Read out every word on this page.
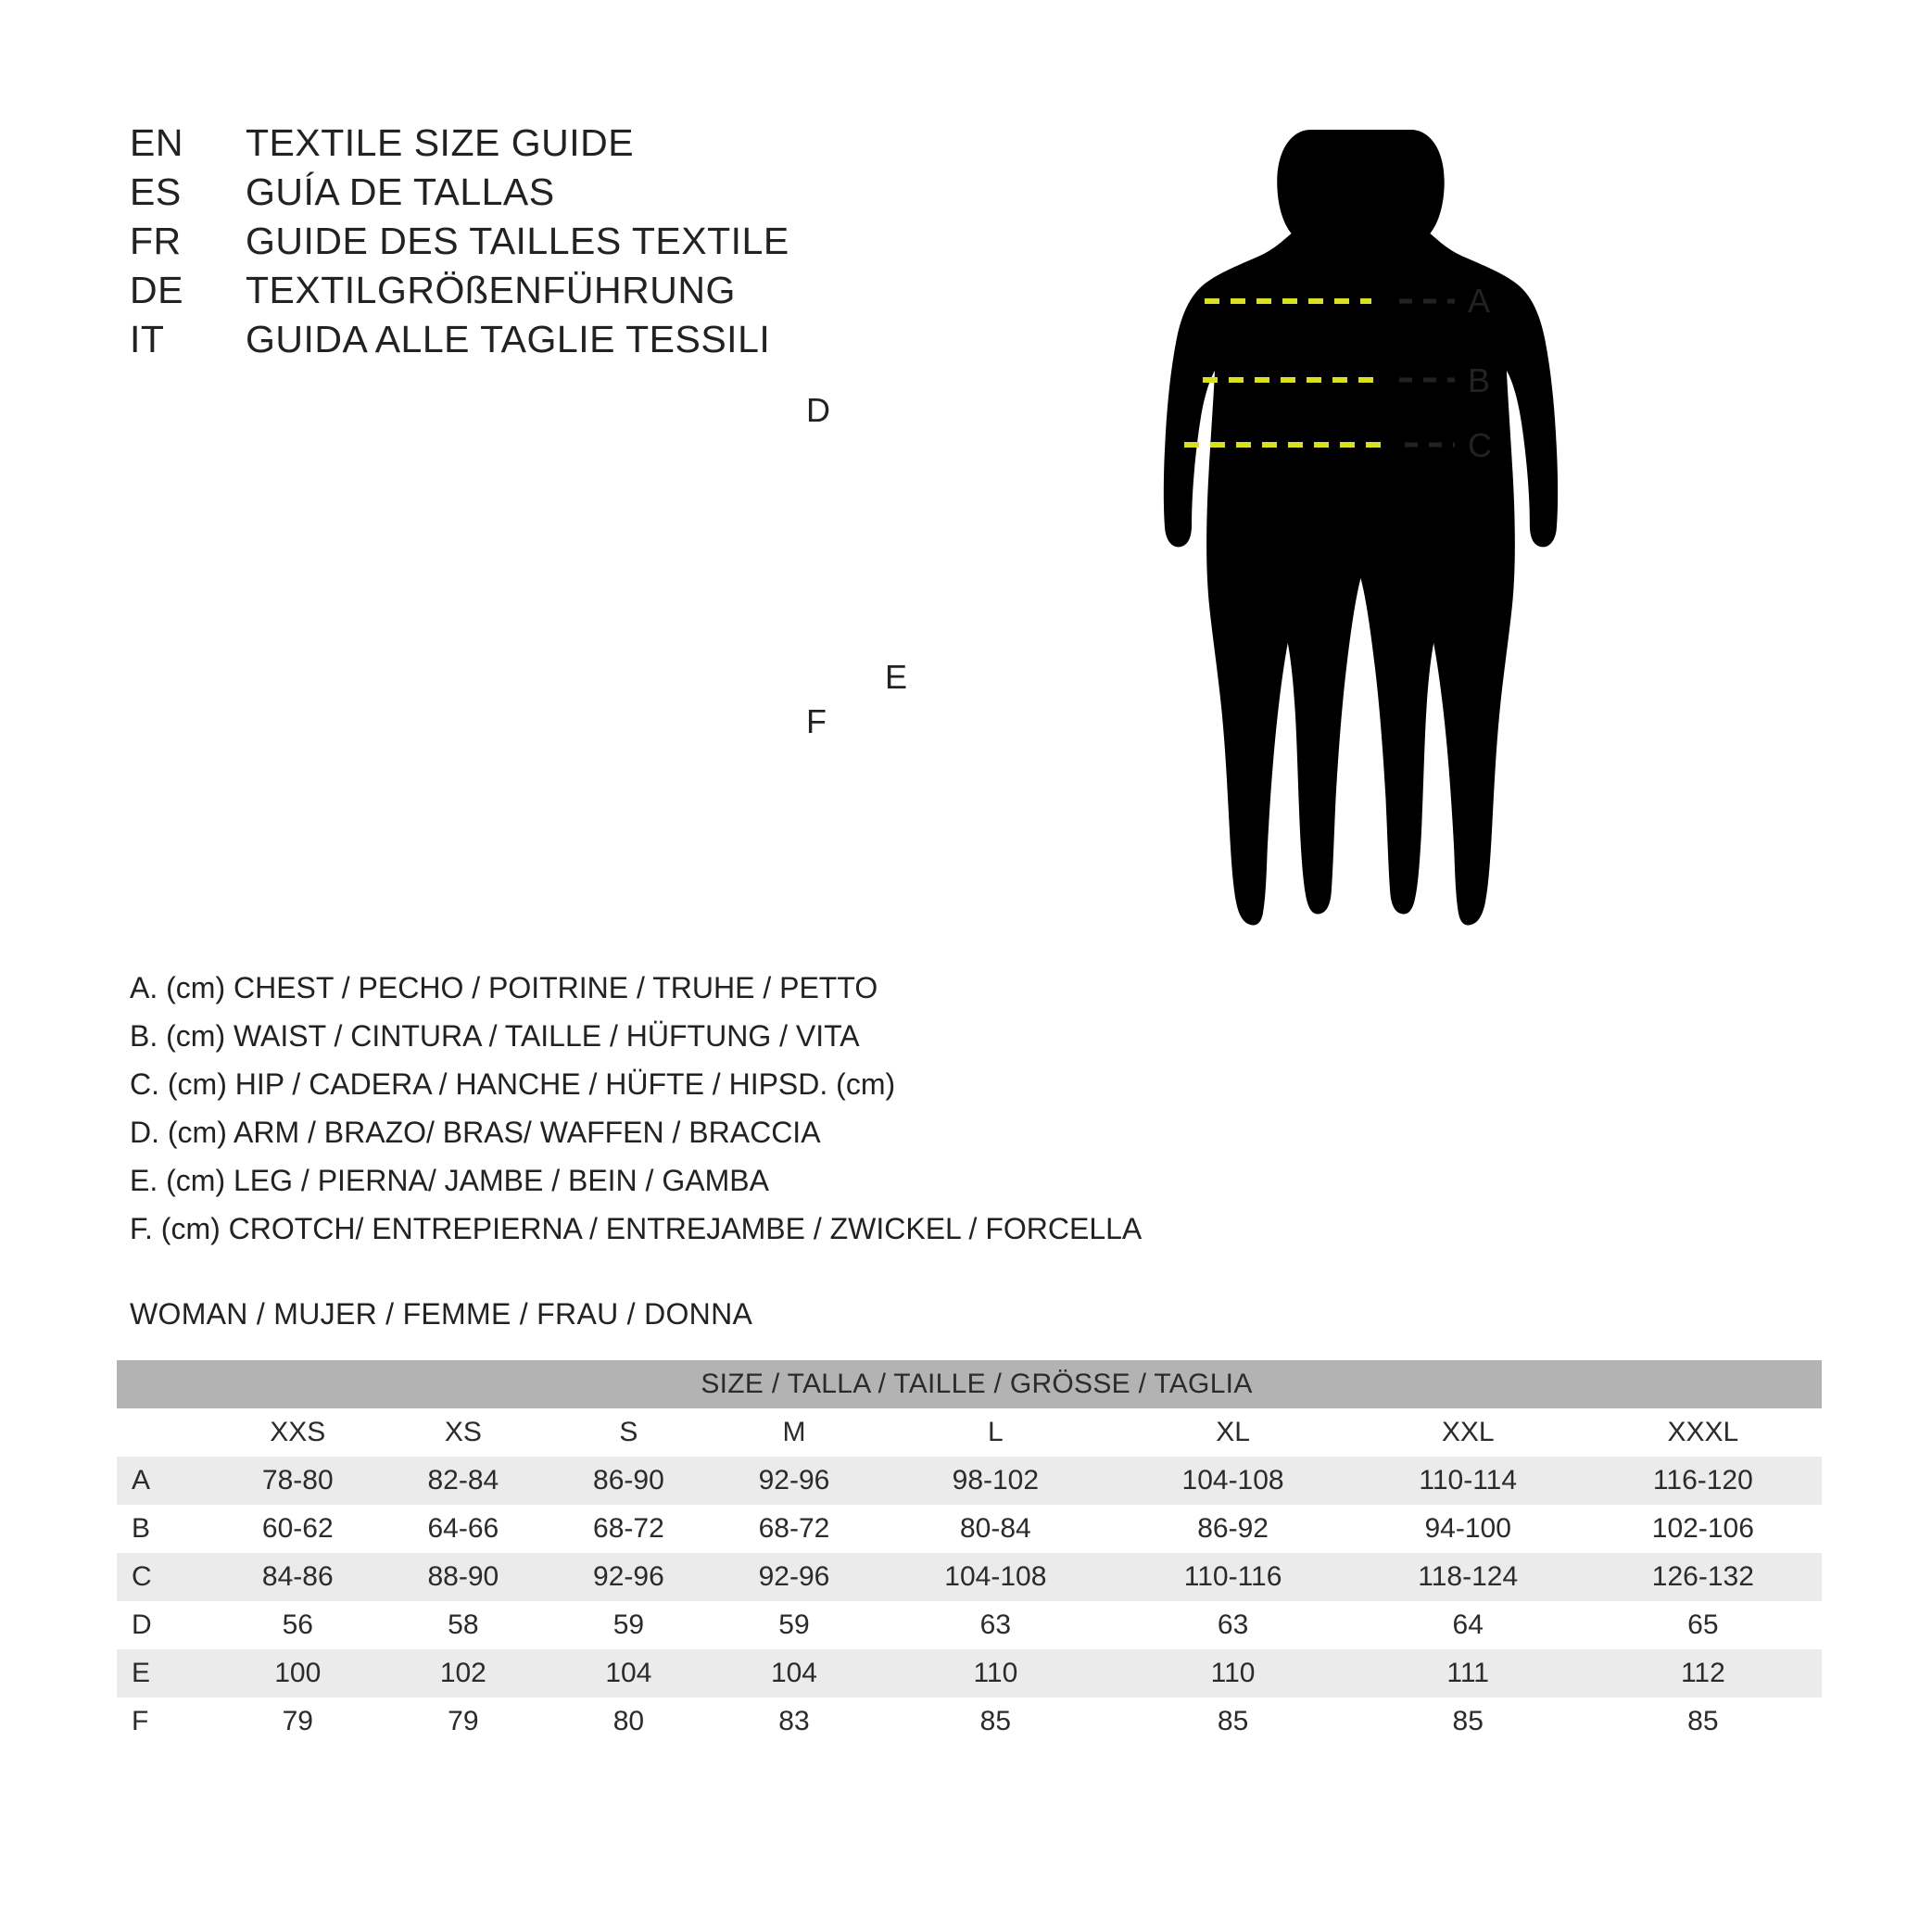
EN	TEXTILE SIZE GUIDE
ES	GUÍA DE TALLAS
FR	GUIDE DES TAILLES TEXTILE
DE	TEXTILGRÖßENFÜHRUNG
IT	GUIDA ALLE TAGLIE TESSILI
D
E
F
A
B
C
A. (cm) CHEST / PECHO / POITRINE / TRUHE / PETTO
B. (cm) WAIST / CINTURA / TAILLE / HÜFTUNG / VITA
C. (cm) HIP / CADERA / HANCHE / HÜFTE / HIPSD. (cm)
D. (cm) ARM / BRAZO/ BRAS/ WAFFEN / BRACCIA
E. (cm) LEG / PIERNA/ JAMBE / BEIN / GAMBA
F. (cm) CROTCH/ ENTREPIERNA / ENTREJAMBE / ZWICKEL / FORCELLA
WOMAN / MUJER / FEMME / FRAU / DONNA
SIZE / TALLA / TAILLE / GRÖSSE / TAGLIA								
	XXS	XS	S	M	L	XL	XXL	XXXL
A	78-80	82-84	86-90	92-96	98-102	104-108	110-114	116-120
B	60-62	64-66	68-72	68-72	80-84	86-92	94-100	102-106
C	84-86	88-90	92-96	92-96	104-108	110-116	118-124	126-132
D	56	58	59	59	63	63	64	65
E	100	102	104	104	110	110	111	112
F	79	79	80	83	85	85	85	85
